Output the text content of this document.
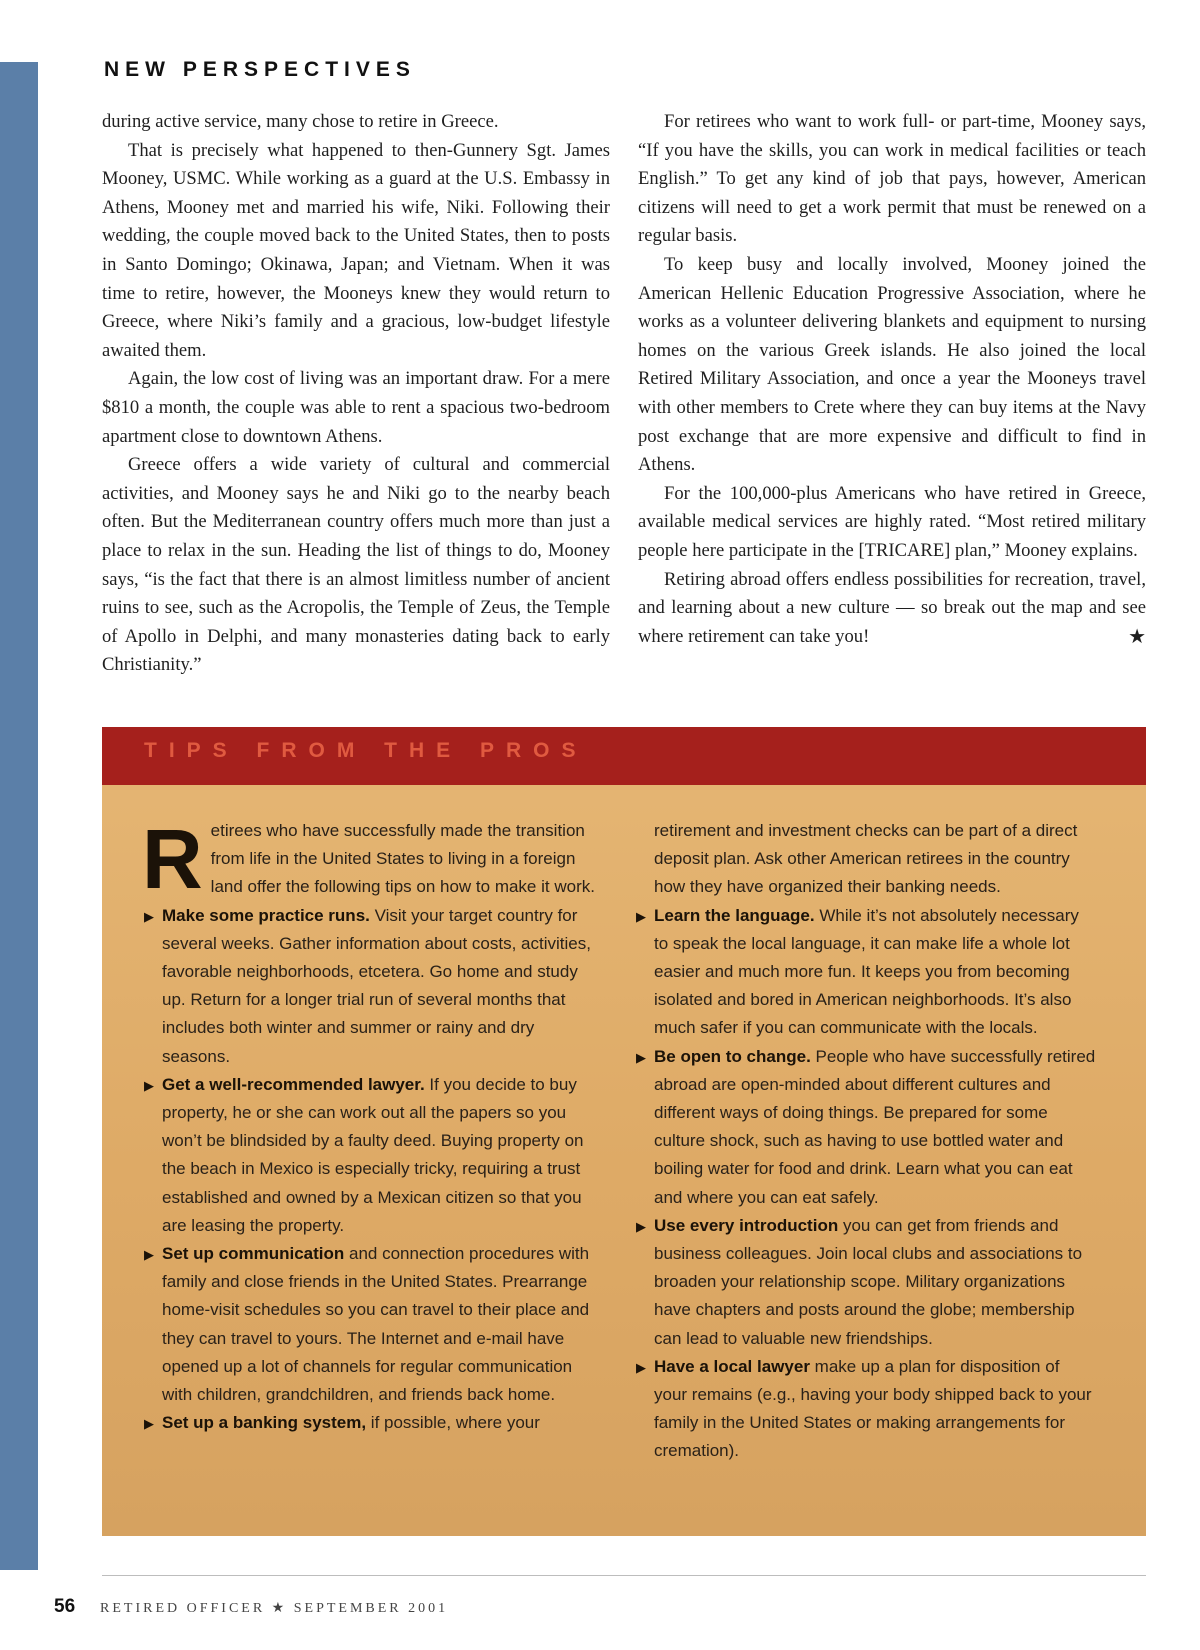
NEW PERSPECTIVES

during active service, many chose to retire in Greece.

That is precisely what happened to then-Gunnery Sgt. James Mooney, USMC. While working as a guard at the U.S. Embassy in Athens, Mooney met and married his wife, Niki. Following their wedding, the couple moved back to the United States, then to posts in Santo Domingo; Okinawa, Japan; and Vietnam. When it was time to retire, however, the Mooneys knew they would return to Greece, where Niki’s family and a gracious, low-budget lifestyle awaited them.

Again, the low cost of living was an important draw. For a mere $810 a month, the couple was able to rent a spacious two-bedroom apartment close to downtown Athens.

Greece offers a wide variety of cultural and commercial activities, and Mooney says he and Niki go to the nearby beach often. But the Mediterranean country offers much more than just a place to relax in the sun. Heading the list of things to do, Mooney says, “is the fact that there is an almost limitless number of ancient ruins to see, such as the Acropolis, the Temple of Zeus, the Temple of Apollo in Delphi, and many monasteries dating back to early Christianity.”

For retirees who want to work full- or part-time, Mooney says, “If you have the skills, you can work in medical facilities or teach English.” To get any kind of job that pays, however, American citizens will need to get a work permit that must be renewed on a regular basis.

To keep busy and locally involved, Mooney joined the American Hellenic Education Progressive Association, where he works as a volunteer delivering blankets and equipment to nursing homes on the various Greek islands. He also joined the local Retired Military Association, and once a year the Mooneys travel with other members to Crete where they can buy items at the Navy post exchange that are more expensive and difficult to find in Athens.

For the 100,000-plus Americans who have retired in Greece, available medical services are highly rated. “Most retired military people here participate in the [TRICARE] plan,” Mooney explains.

Retiring abroad offers endless possibilities for recreation, travel, and learning about a new culture — so break out the map and see where retirement can take you!	★

TIPS FROM THE PROS

Retirees who have successfully made the transition from life in the United States to living in a foreign land offer the following tips on how to make it work.

▶ Make some practice runs. Visit your target country for several weeks. Gather information about costs, activities, favorable neighborhoods, etcetera. Go home and study up. Return for a longer trial run of several months that includes both winter and summer or rainy and dry seasons.

▶ Get a well-recommended lawyer. If you decide to buy property, he or she can work out all the papers so you won’t be blindsided by a faulty deed. Buying property on the beach in Mexico is especially tricky, requiring a trust established and owned by a Mexican citizen so that you are leasing the property.

▶ Set up communication and connection procedures with family and close friends in the United States. Prearrange home-visit schedules so you can travel to their place and they can travel to yours. The Internet and e-mail have opened up a lot of channels for regular communication with children, grandchildren, and friends back home.

▶ Set up a banking system, if possible, where your

retirement and investment checks can be part of a direct deposit plan. Ask other American retirees in the country how they have organized their banking needs.

▶ Learn the language. While it’s not absolutely necessary to speak the local language, it can make life a whole lot easier and much more fun. It keeps you from becoming isolated and bored in American neighborhoods. It’s also much safer if you can communicate with the locals.

▶ Be open to change. People who have successfully retired abroad are open-minded about different cultures and different ways of doing things. Be prepared for some culture shock, such as having to use bottled water and boiling water for food and drink. Learn what you can eat and where you can eat safely.

▶ Use every introduction you can get from friends and business colleagues. Join local clubs and associations to broaden your relationship scope. Military organizations have chapters and posts around the globe; membership can lead to valuable new friendships.

▶ Have a local lawyer make up a plan for disposition of your remains (e.g., having your body shipped back to your family in the United States or making arrangements for cremation).

56 RETIRED OFFICER ★ SEPTEMBER 2001
